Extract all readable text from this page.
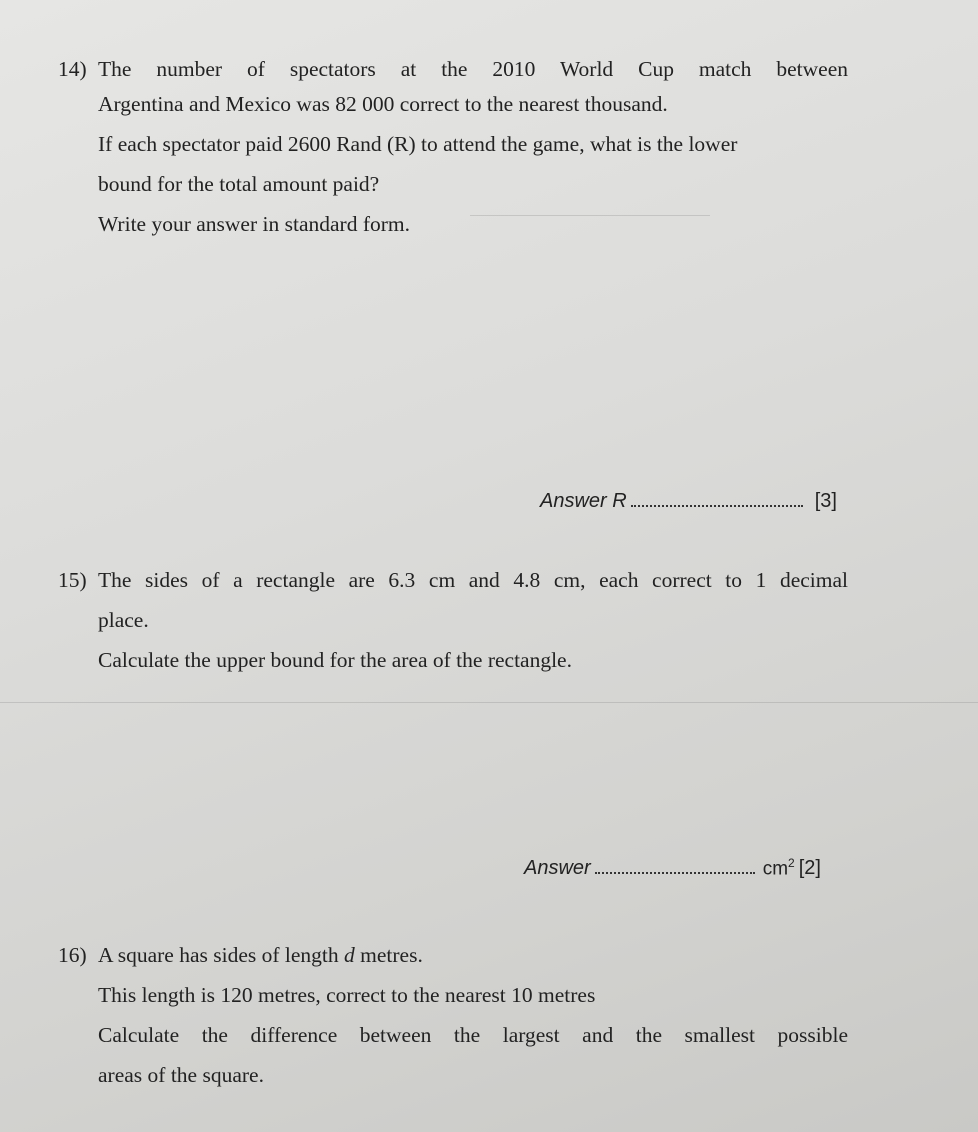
14) The number of spectators at the 2010 World Cup match between
Argentina and Mexico was 82 000 correct to the nearest thousand.
If each spectator paid 2600 Rand (R) to attend the game, what is the lower
bound for the total amount paid?
Write your answer in standard form.
Answer R	[3]
15) The sides of a rectangle are 6.3 cm and 4.8 cm, each correct to 1 decimal
place.
Calculate the upper bound for the area of the rectangle.
Answer	$cm^2$ [2]
16) A square has sides of length d metres.
This length is 120 metres, correct to the nearest 10 metres
Calculate the difference between the largest and the smallest possible
areas of the square.
